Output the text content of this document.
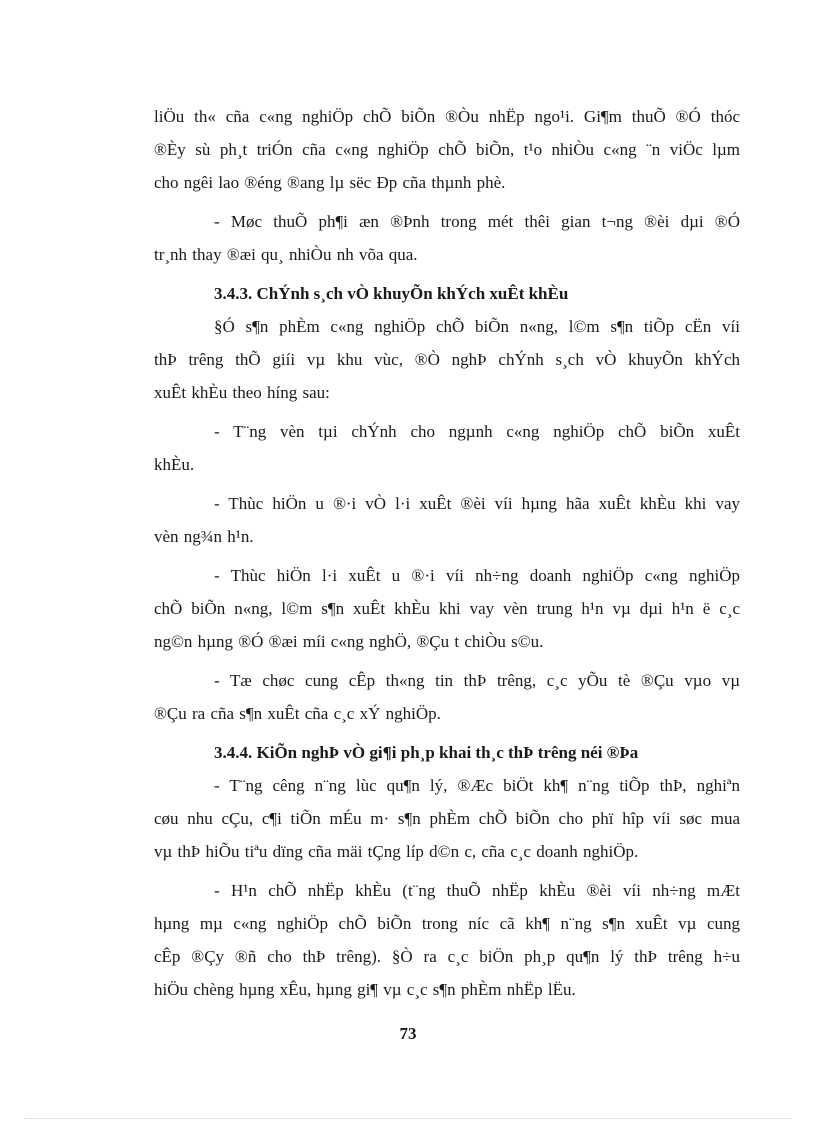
liÖu th« cña c«ng nghiÖp chÕ biÕn ®Òu nhËp ngo¹i. Gi¶m thuÕ ®Ó thóc
®Èy sù ph¸t triÓn cña c«ng nghiÖp chÕ biÕn, t¹o nhiÒu c«ng ¨n viÖc lµm
cho ngêi lao ®éng ®ang lµ sëc Ðp cña thµnh phè.
- Møc thuÕ ph¶i æn ®Þnh trong mét thêi gian t¬ng ®èi dµi ®Ó
tr¸nh thay ®æi qu¸ nhiÒu nh võa qua.
3.4.3. ChÝnh s¸ch vÒ khuyÕn khÝch xuÊt khÈu
§Ó s¶n phÈm c«ng nghiÖp chÕ biÕn n«ng, l©m s¶n tiÕp cËn víi
thÞ trêng thÕ giíi vµ khu vùc, ®Ò nghÞ chÝnh s¸ch vÒ khuyÕn khÝch
xuÊt khÈu theo híng sau:
- T¨ng vèn tµi chÝnh cho ngµnh c«ng nghiÖp chÕ biÕn xuÊt
khÈu.
- Thùc hiÖn u ®·i vÒ l·i xuÊt ®èi víi hµng hãa xuÊt khÈu khi vay
vèn ng¾n h¹n.
- Thùc hiÖn l·i xuÊt u ®·i víi nh÷ng doanh nghiÖp c«ng nghiÖp
chÕ biÕn n«ng, l©m s¶n xuÊt khÈu khi vay vèn trung h¹n vµ dµi h¹n ë c¸c
ng©n hµng ®Ó ®æi míi c«ng nghÖ, ®Çu t chiÒu s©u.
- Tæ chøc cung cÊp th«ng tin thÞ trêng, c¸c yÕu tè ®Çu vµo vµ
®Çu ra cña s¶n xuÊt cña c¸c xÝ nghiÖp.
3.4.4. KiÕn nghÞ vÒ gi¶i ph¸p khai th¸c thÞ trêng néi ®Þa
- T¨ng cêng n¨ng lùc qu¶n lý, ®Æc biÖt kh¶ n¨ng tiÕp thÞ, nghiªn
cøu nhu cÇu, c¶i tiÕn mÉu m· s¶n phÈm chÕ biÕn cho phï hîp víi søc mua
vµ thÞ hiÕu tiªu dïng cña mäi tÇng líp d©n c, cña c¸c doanh nghiÖp.
- H¹n chÕ nhËp khÈu (t¨ng thuÕ nhËp khÈu ®èi víi nh÷ng mÆt
hµng mµ c«ng nghiÖp chÕ biÕn trong níc cã kh¶ n¨ng s¶n xuÊt vµ cung
cÊp ®Çy ®ñ cho thÞ trêng). §Ò ra c¸c biÖn ph¸p qu¶n lý thÞ trêng h÷u
hiÖu chèng hµng xÊu, hµng gi¶ vµ c¸c s¶n phÈm nhËp lËu.
73
